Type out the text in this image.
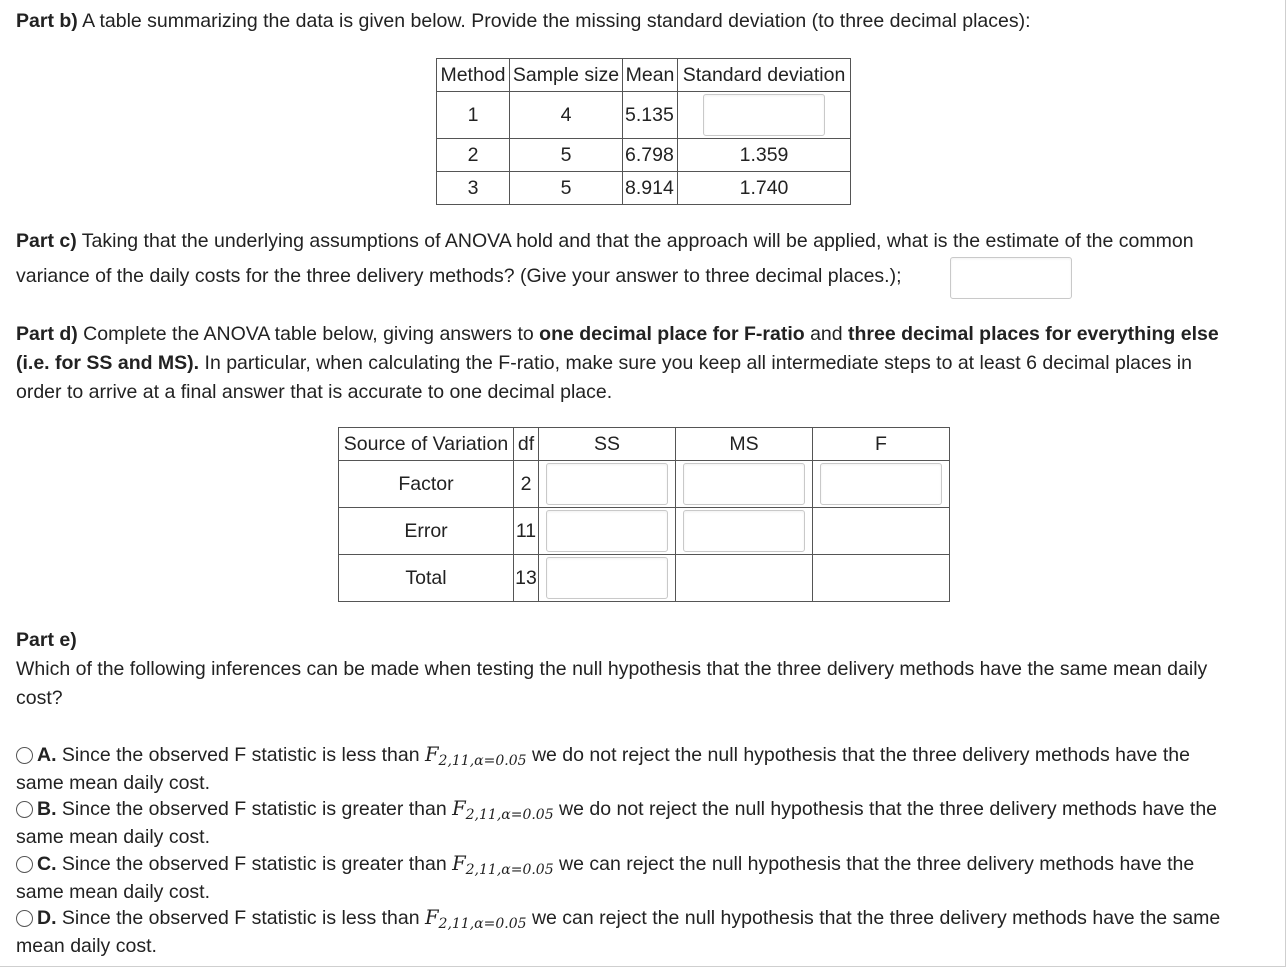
Part b) A table summarizing the data is given below. Provide the missing standard deviation (to three decimal places):
Method	Sample size	Mean	Standard deviation
1	4	5.135	
2	5	6.798	1.359
3	5	8.914	1.740
Part c) Taking that the underlying assumptions of ANOVA hold and that the approach will be applied, what is the estimate of the common
variance of the daily costs for the three delivery methods? (Give your answer to three decimal places.);
Part d) Complete the ANOVA table below, giving answers to one decimal place for F-ratio and three decimal places for everything else
(i.e. for SS and MS). In particular, when calculating the F-ratio, make sure you keep all intermediate steps to at least 6 decimal places in
order to arrive at a final answer that is accurate to one decimal place.
Source of Variation	df	SS	MS	F
Factor	2			
Error	11			
Total	13			
Part e)
Which of the following inferences can be made when testing the null hypothesis that the three delivery methods have the same mean daily
cost?
A. Since the observed F statistic is less than $F_{2,11,\alpha=0.05}$ we do not reject the null hypothesis that the three delivery methods have the
same mean daily cost.
B. Since the observed F statistic is greater than $F_{2,11,\alpha=0.05}$ we do not reject the null hypothesis that the three delivery methods have the
same mean daily cost.
C. Since the observed F statistic is greater than $F_{2,11,\alpha=0.05}$ we can reject the null hypothesis that the three delivery methods have the
same mean daily cost.
D. Since the observed F statistic is less than $F_{2,11,\alpha=0.05}$ we can reject the null hypothesis that the three delivery methods have the same
mean daily cost.
